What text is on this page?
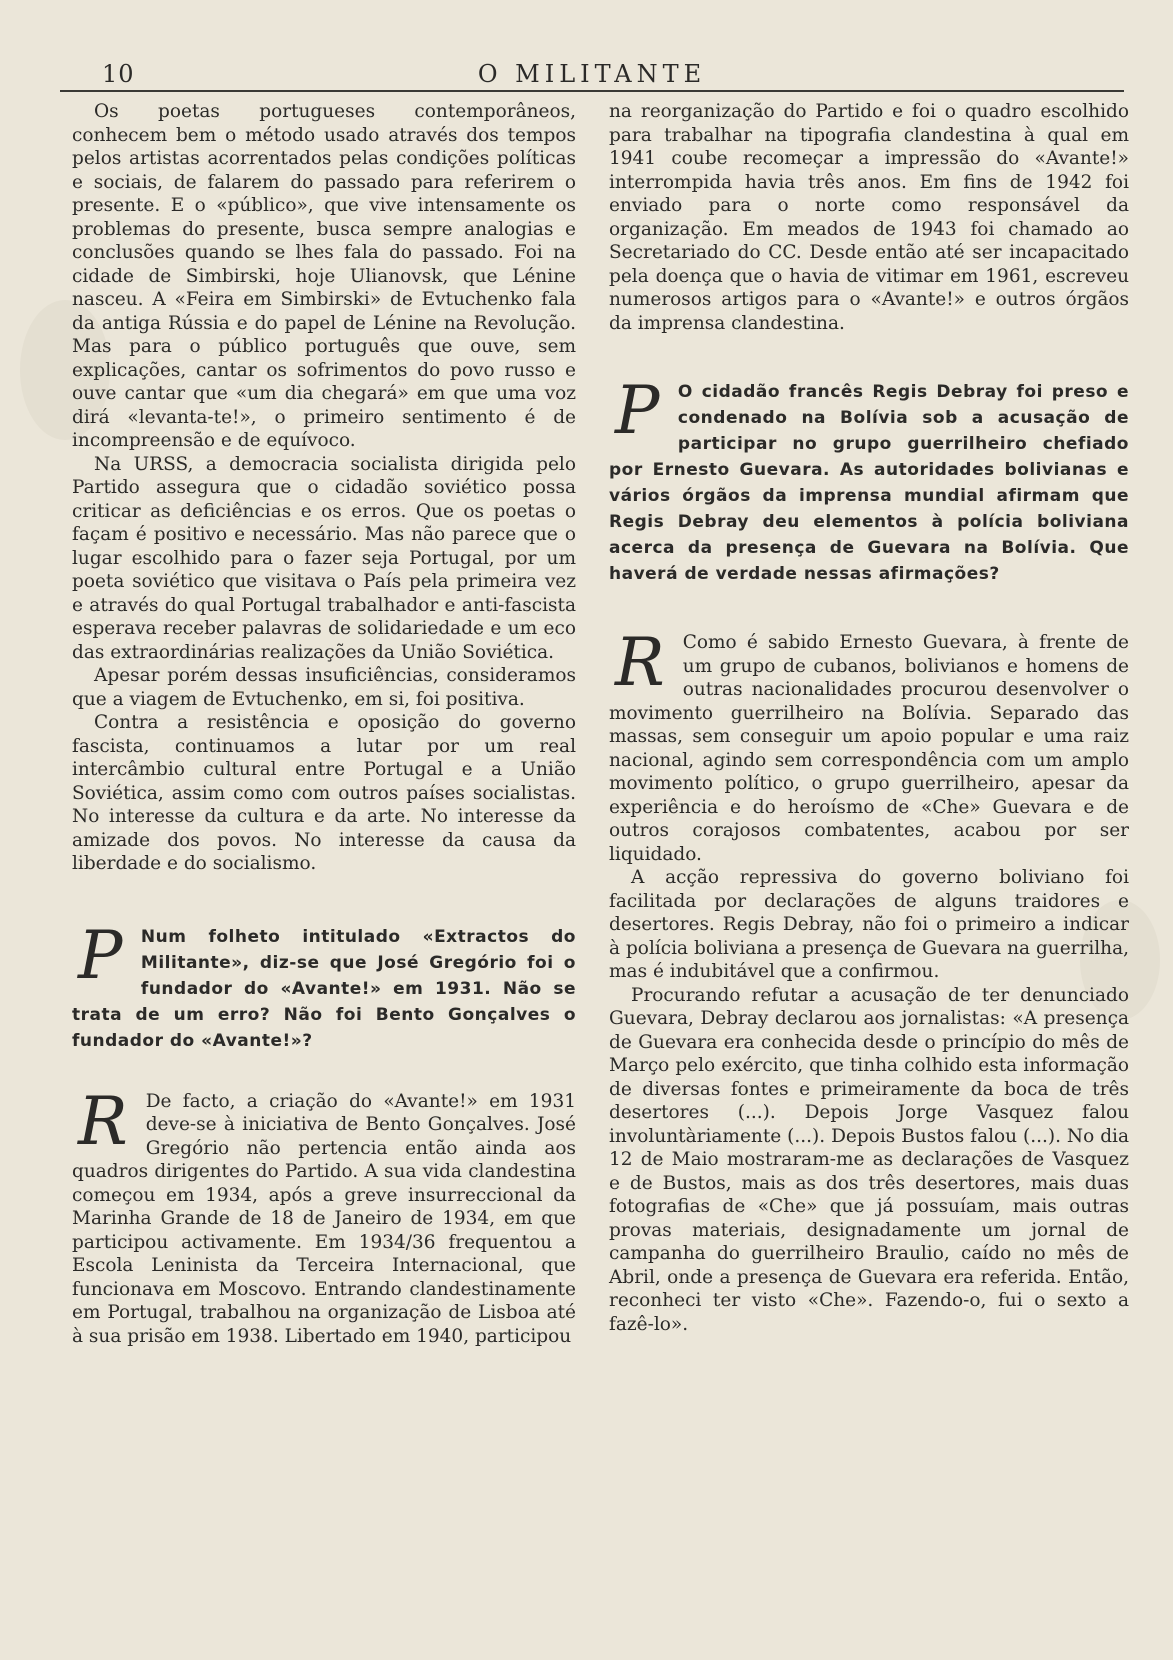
10	O MILITANTE

Os poetas portugueses contemporâneos, conhecem bem o método usado através dos tempos pelos artistas acorrentados pelas condições políticas e sociais, de falarem do passado para referirem o presente. E o «público», que vive intensamente os problemas do presente, busca sempre analogias e conclusões quando se lhes fala do passado. Foi na cidade de Simbirski, hoje Ulianovsk, que Lénine nasceu. A «Feira em Simbirski» de Evtuchenko fala da antiga Rússia e do papel de Lénine na Revolução. Mas para o público português que ouve, sem explicações, cantar os sofrimentos do povo russo e ouve cantar que «um dia chegará» em que uma voz dirá «levanta-te!», o primeiro sentimento é de incompreensão e de equívoco.

Na URSS, a democracia socialista dirigida pelo Partido assegura que o cidadão soviético possa criticar as deficiências e os erros. Que os poetas o façam é positivo e necessário. Mas não parece que o lugar escolhido para o fazer seja Portugal, por um poeta soviético que visitava o País pela primeira vez e através do qual Portugal trabalhador e anti-fascista esperava receber palavras de solidariedade e um eco das extraordinárias realizações da União Soviética.

Apesar porém dessas insuficiências, consideramos que a viagem de Evtuchenko, em si, foi positiva.

Contra a resistência e oposição do governo fascista, continuamos a lutar por um real intercâmbio cultural entre Portugal e a União Soviética, assim como com outros países socialistas. No interesse da cultura e da arte. No interesse da amizade dos povos. No interesse da causa da liberdade e do socialismo.

P Num folheto intitulado «Extractos do Militante», diz-se que José Gregório foi o fundador do «Avante!» em 1931. Não se trata de um erro? Não foi Bento Gonçalves o fundador do «Avante!»?
R De facto, a criação do «Avante!» em 1931 deve-se à iniciativa de Bento Gonçalves. José Gregório não pertencia então ainda aos quadros dirigentes do Partido. A sua vida clandestina começou em 1934, após a greve insurreccional da Marinha Grande de 18 de Janeiro de 1934, em que participou activamente. Em 1934/36 frequentou a Escola Leninista da Terceira Internacional, que funcionava em Moscovo. Entrando clandestinamente em Portugal, trabalhou na organização de Lisboa até à sua prisão em 1938. Libertado em 1940, participou

na reorganização do Partido e foi o quadro escolhido para trabalhar na tipografia clandestina à qual em 1941 coube recomeçar a impressão do «Avante!» interrompida havia três anos. Em fins de 1942 foi enviado para o norte como responsável da organização. Em meados de 1943 foi chamado ao Secretariado do CC. Desde então até ser incapacitado pela doença que o havia de vitimar em 1961, escreveu numerosos artigos para o «Avante!» e outros órgãos da imprensa clandestina.

P O cidadão francês Regis Debray foi preso e condenado na Bolívia sob a acusação de participar no grupo guerrilheiro chefiado por Ernesto Guevara. As autoridades bolivianas e vários órgãos da imprensa mundial afirmam que Regis Debray deu elementos à polícia boliviana acerca da presença de Guevara na Bolívia. Que haverá de verdade nessas afirmações?
R Como é sabido Ernesto Guevara, à frente de um grupo de cubanos, bolivianos e homens de outras nacionalidades procurou desenvolver o movimento guerrilheiro na Bolívia. Separado das massas, sem conseguir um apoio popular e uma raiz nacional, agindo sem correspondência com um amplo movimento político, o grupo guerrilheiro, apesar da experiência e do heroísmo de «Che» Guevara e de outros corajosos combatentes, acabou por ser liquidado.

A acção repressiva do governo boliviano foi facilitada por declarações de alguns traidores e desertores. Regis Debray, não foi o primeiro a indicar à polícia boliviana a presença de Guevara na guerrilha, mas é indubitável que a confirmou.

Procurando refutar a acusação de ter denunciado Guevara, Debray declarou aos jornalistas: «A presença de Guevara era conhecida desde o princípio do mês de Março pelo exército, que tinha colhido esta informação de diversas fontes e primeiramente da boca de três desertores (...). Depois Jorge Vasquez falou involuntàriamente (...). Depois Bustos falou (...). No dia 12 de Maio mostraram-me as declarações de Vasquez e de Bustos, mais as dos três desertores, mais duas fotografias de «Che» que já possuíam, mais outras provas materiais, designadamente um jornal de campanha do guerrilheiro Braulio, caído no mês de Abril, onde a presença de Guevara era referida. Então, reconheci ter visto «Che». Fazendo-o, fui o sexto a fazê-lo».
